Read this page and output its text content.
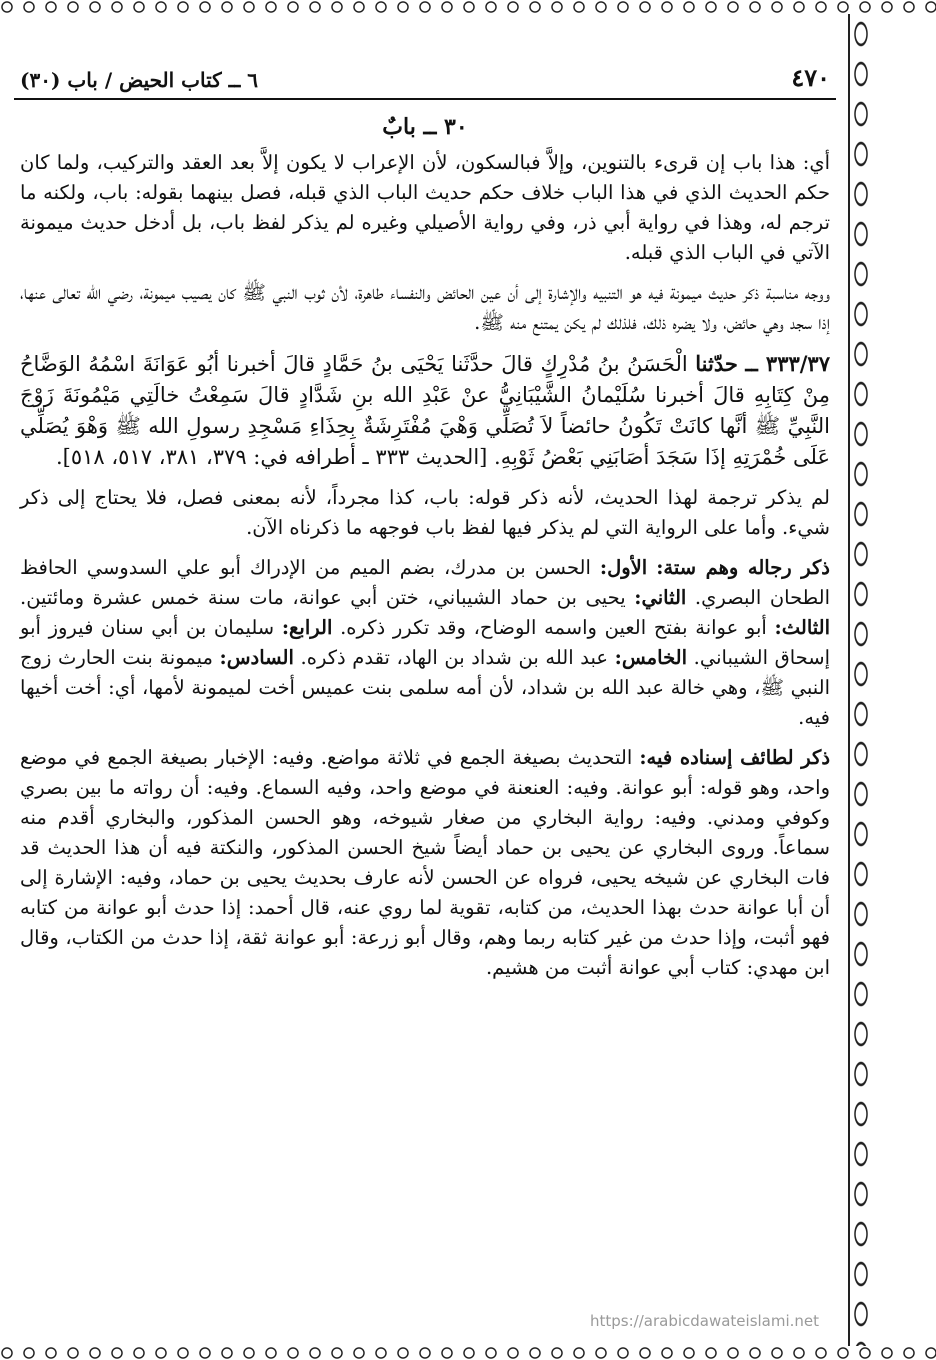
٤٧٠
٦ ــ كتاب الحيض / باب (٣٠)
٣٠ ــ بابٌ

أي: هذا باب إن قرىء بالتنوين، وإلاَّ فبالسكون، لأن الإعراب لا يكون إلاَّ بعد العقد والتركيب، ولما كان حكم الحديث الذي في هذا الباب خلاف حكم حديث الباب الذي قبله، فصل بينهما بقوله: باب، ولكنه ما ترجم له، وهذا في رواية أبي ذر، وفي رواية الأصيلي وغيره لم يذكر لفظ باب، بل أدخل حديث ميمونة الآتي في الباب الذي قبله.

ووجه مناسبة ذكر حديث ميمونة فيه هو التنبيه والإشارة إلى أن عين الحائض والنفساء طاهرة، لأن ثوب النبي ﷺ كان يصيب ميمونة، رضي الله تعالى عنها، إذا سجد وهي حائض، ولا يضره ذلك، فلذلك لم يكن يمتنع منه ﷺ.

٣٣٣/٣٧ ــ حدّثنا الْحَسَنُ بنُ مُدْرِكٍ قالَ حدَّثَنا يَحْيَى بنُ حَمَّادٍ قالَ أخبرنا أبُو عَوَانَةَ اسْمُهُ الوَضَّاحُ مِنْ كِتَابِهِ قالَ أخبرنا سُلَيْمانُ الشَّيْبَانِيُّ عنْ عَبْدِ الله بنِ شَدَّادٍ قالَ سَمِعْتُ خالَتِي مَيْمُونَةَ زَوْجَ النَّبِيِّ ﷺ أنَّها كانَتْ تَكُونُ حائضاً لاَ تُصَلِّي وَهْيَ مُفْتَرِشَةٌ بِحِذَاءِ مَسْجِدِ رسولِ الله ﷺ وَهْوَ يُصَلِّي عَلَى خُمْرَتِهِ إذَا سَجَدَ أصَابَنِي بَعْضُ ثَوْبِهِ. [الحديث ٣٣٣ ـ أطرافه في: ٣٧٩، ٣٨١، ٥١٧، ٥١٨].

لم يذكر ترجمة لهذا الحديث، لأنه ذكر قوله: باب، كذا مجرداً، لأنه بمعنى فصل، فلا يحتاج إلى ذكر شيء. وأما على الرواية التي لم يذكر فيها لفظ باب فوجهه ما ذكرناه الآن.

ذكر رجاله وهم ستة: الأول: الحسن بن مدرك، بضم الميم من الإدراك أبو علي السدوسي الحافظ الطحان البصري. الثاني: يحيى بن حماد الشيباني، ختن أبي عوانة، مات سنة خمس عشرة ومائتين. الثالث: أبو عوانة بفتح العين واسمه الوضاح، وقد تكرر ذكره. الرابع: سليمان بن أبي سنان فيروز أبو إسحاق الشيباني. الخامس: عبد الله بن شداد بن الهاد، تقدم ذكره. السادس: ميمونة بنت الحارث زوج النبي ﷺ، وهي خالة عبد الله بن شداد، لأن أمه سلمى بنت عميس أخت لميمونة لأمها، أي: أخت أخيها فيه.

ذكر لطائف إسناده فيه: التحديث بصيغة الجمع في ثلاثة مواضع. وفيه: الإخبار بصيغة الجمع في موضع واحد، وهو قوله: أبو عوانة. وفيه: العنعنة في موضع واحد، وفيه السماع. وفيه: أن رواته ما بين بصري وكوفي ومدني. وفيه: رواية البخاري من صغار شيوخه، وهو الحسن المذكور، والبخاري أقدم منه سماعاً. وروى البخاري عن يحيى بن حماد أيضاً شيخ الحسن المذكور، والنكتة فيه أن هذا الحديث قد فات البخاري عن شيخه يحيى، فرواه عن الحسن لأنه عارف بحديث يحيى بن حماد، وفيه: الإشارة إلى أن أبا عوانة حدث بهذا الحديث، من كتابه، تقوية لما روي عنه، قال أحمد: إذا حدث أبو عوانة من كتابه فهو أثبت، وإذا حدث من غير كتابه ربما وهم، وقال أبو زرعة: أبو عوانة ثقة، إذا حدث من الكتاب، وقال ابن مهدي: كتاب أبي عوانة أثبت من هشيم.

https://arabicdawateislami.net
